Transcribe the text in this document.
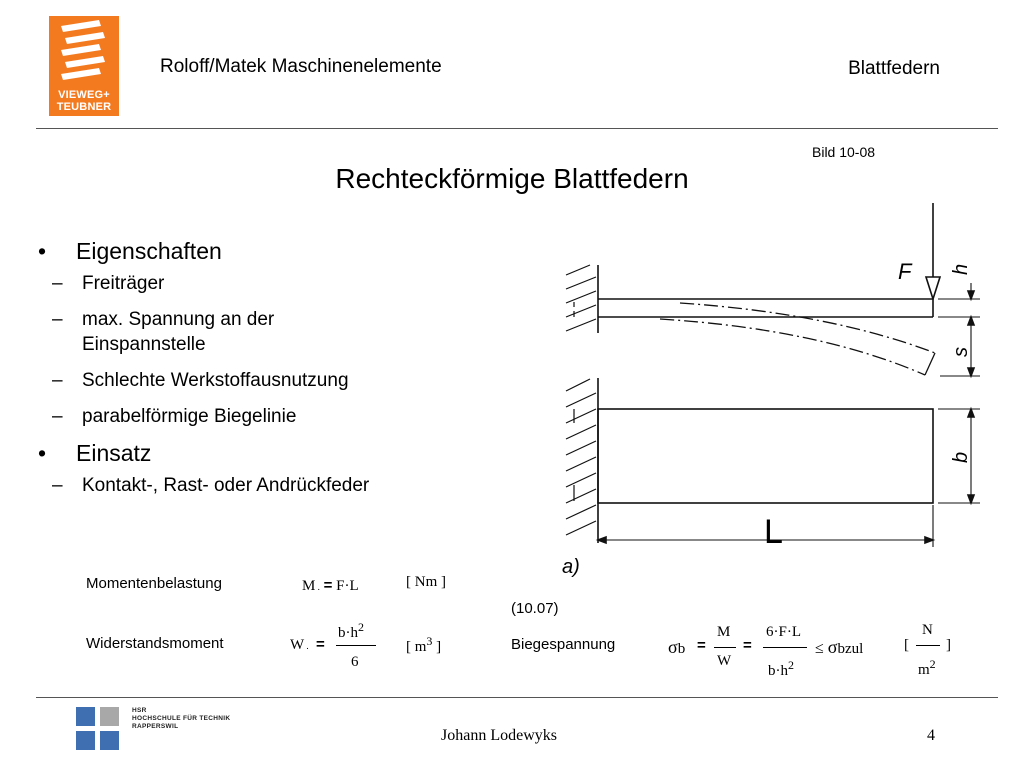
VIEWEG+
TEUBNER
Roloff/Matek Maschinenelemente	Blattfedern
Bild 10-08
Rechteckförmige Blattfedern
• Eigenschaften
– Freiträger
– max. Spannung an der Einspannstelle
– Schlechte Werkstoffausnutzung
– parabelförmige Biegelinie
• Einsatz
– Kontakt-, Rast- oder Andrückfeder
F h
s
b
L
a)
Momentenbelastung	M . = F·L	[ Nm ]
(10.07)
Widerstandsmoment	W . =
$b\cdot h^2$
6
[ $m^3$ ]	Biegespannung	σb =
M
W
=
6·F·L
$b\cdot h^2$
≤ σbzul	[
N
$m^2$
]
HSR
HOCHSCHULE FÜR TECHNIK
RAPPERSWIL
Johann Lodewyks	4
